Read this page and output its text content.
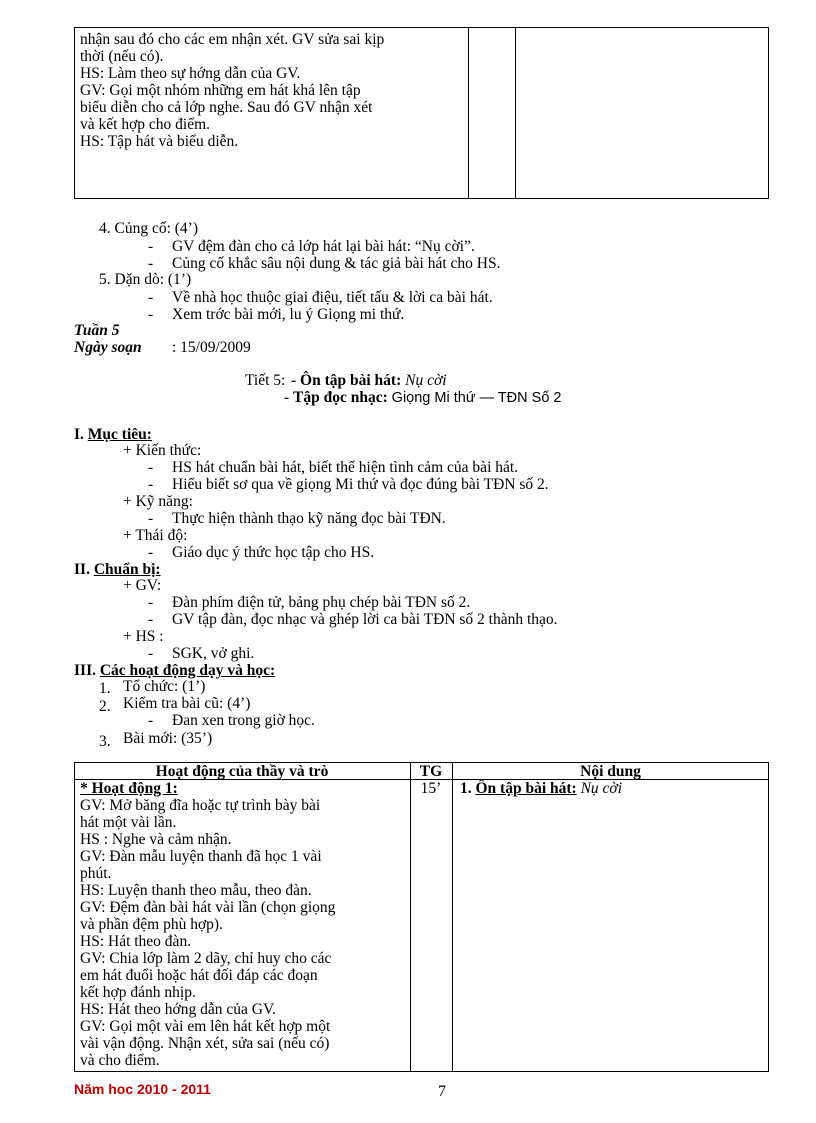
nhận sau đó cho các em nhận xét. GV sửa sai kịp
thời (nếu có).
HS: Làm theo sự hớng dẫn của GV.
GV: Gọi một nhóm những em hát khá lên tập
biểu diễn cho cả lớp nghe. Sau đó GV nhận xét
và kết hợp cho điểm.
HS: Tập hát và biểu diễn.
4. Củng cố: (4’)
- GV đệm đàn cho cả lớp hát lại bài hát: “Nụ cời”.
- Củng cố khắc sâu nội dung & tác giả bài hát cho HS.
5. Dặn dò: (1’)
- Về nhà học thuộc giai điệu, tiết tấu & lời ca bài hát.
- Xem trớc bài mới, lu ý Giọng mi thứ.
Tuần 5
Ngày soạn : 15/09/2009
Tiết 5: - Ôn tập bài hát: Nụ cời
- Tập đọc nhạc: Giọng Mi thứ — TĐN Số 2
I. Mục tiêu:
+ Kiến thức:
- HS hát chuẩn bài hát, biết thể hiện tình cảm của bài hát.
- Hiểu biết sơ qua về giọng Mi thứ và đọc đúng bài TĐN số 2.
+ Kỹ năng:
- Thực hiện thành thạo kỹ năng đọc bài TĐN.
+ Thái độ:
- Giáo dục ý thức học tập cho HS.
II. Chuẩn bị:
+ GV:
- Đàn phím điện tử, bảng phụ chép bài TĐN số 2.
- GV tập đàn, đọc nhạc và ghép lời ca bài TĐN số 2 thành thạo.
+ HS :
- SGK, vở ghi.
III. Các hoạt động dạy và học:
1. Tổ chức: (1’)
2. Kiểm tra bài cũ: (4’)
- Đan xen trong giờ học.
3. Bài mới: (35’)
Hoạt động của thầy và trò	TG	Nội dung
* Hoạt động 1:
GV: Mở băng đĩa hoặc tự trình bày bài
hát một vài lần.
HS : Nghe và cảm nhận.
GV: Đàn mẫu luyện thanh đã học 1 vài
phút.
HS: Luyện thanh theo mẫu, theo đàn.
GV: Đệm đàn bài hát vài lần (chọn giọng
và phần đệm phù hợp).
HS: Hát theo đàn.
GV: Chia lớp làm 2 dãy, chỉ huy cho các
em hát đuổi hoặc hát đối đáp các đoạn
kết hợp đánh nhịp.
HS: Hát theo hớng dẫn của GV.
GV: Gọi một vài em lên hát kết hợp một
vài vận động. Nhận xét, sửa sai (nếu có)
và cho điểm.
15’	1. Ôn tập bài hát: Nụ cời
Năm hoc 2010 - 2011	7
